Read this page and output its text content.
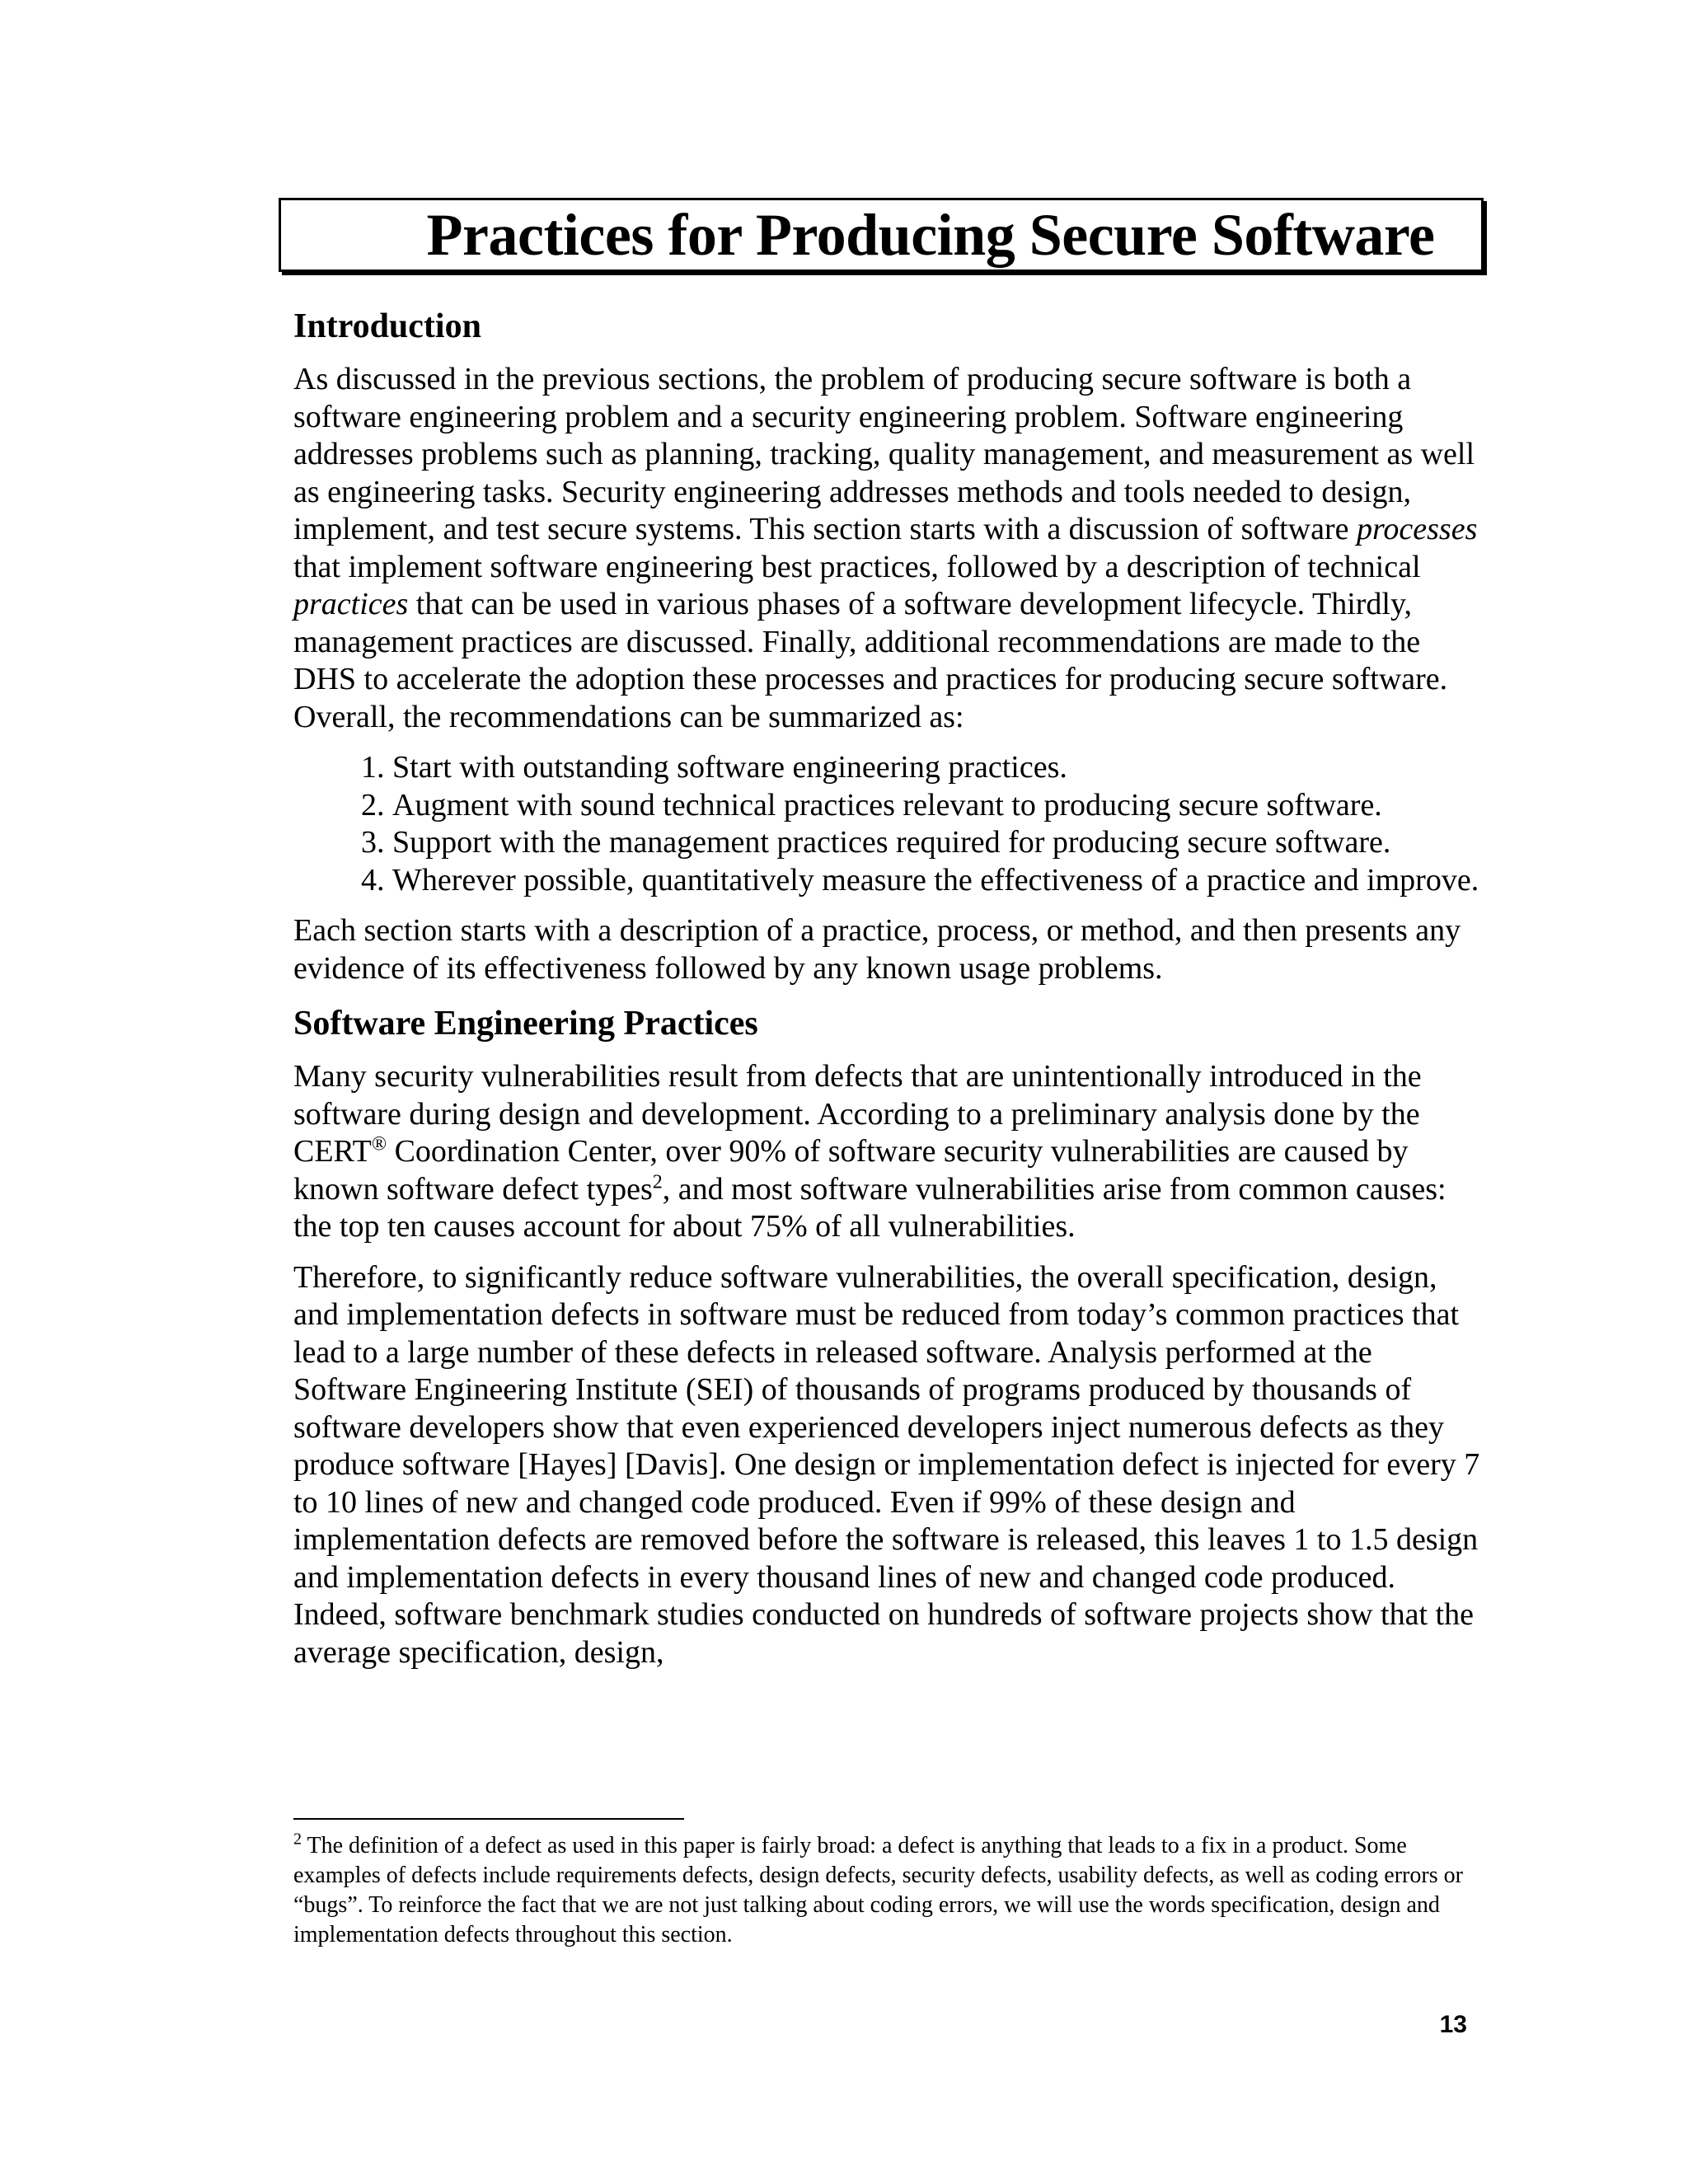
Practices for Producing Secure Software
Introduction

As discussed in the previous sections, the problem of producing secure software is both a software engineering problem and a security engineering problem. Software engineering addresses problems such as planning, tracking, quality management, and measurement as well as engineering tasks. Security engineering addresses methods and tools needed to design, implement, and test secure systems. This section starts with a discussion of software processes that implement software engineering best practices, followed by a description of technical practices that can be used in various phases of a software development lifecycle. Thirdly, management practices are discussed. Finally, additional recommendations are made to the DHS to accelerate the adoption these processes and practices for producing secure software. Overall, the recommendations can be summarized as:

1. Start with outstanding software engineering practices.
2. Augment with sound technical practices relevant to producing secure software.
3. Support with the management practices required for producing secure software.
4. Wherever possible, quantitatively measure the effectiveness of a practice and improve.

Each section starts with a description of a practice, process, or method, and then presents any evidence of its effectiveness followed by any known usage problems.

Software Engineering Practices

Many security vulnerabilities result from defects that are unintentionally introduced in the software during design and development. According to a preliminary analysis done by the CERT® Coordination Center, over 90% of software security vulnerabilities are caused by known software defect types$^2$, and most software vulnerabilities arise from common causes: the top ten causes account for about 75% of all vulnerabilities.

Therefore, to significantly reduce software vulnerabilities, the overall specification, design, and implementation defects in software must be reduced from today’s common practices that lead to a large number of these defects in released software. Analysis performed at the Software Engineering Institute (SEI) of thousands of programs produced by thousands of software developers show that even experienced developers inject numerous defects as they produce software [Hayes] [Davis]. One design or implementation defect is injected for every 7 to 10 lines of new and changed code produced. Even if 99% of these design and implementation defects are removed before the software is released, this leaves 1 to 1.5 design and implementation defects in every thousand lines of new and changed code produced. Indeed, software benchmark studies conducted on hundreds of software projects show that the average specification, design,

$^2$ The definition of a defect as used in this paper is fairly broad: a defect is anything that leads to a fix in a product. Some examples of defects include requirements defects, design defects, security defects, usability defects, as well as coding errors or “bugs”. To reinforce the fact that we are not just talking about coding errors, we will use the words specification, design and implementation defects throughout this section.
13
